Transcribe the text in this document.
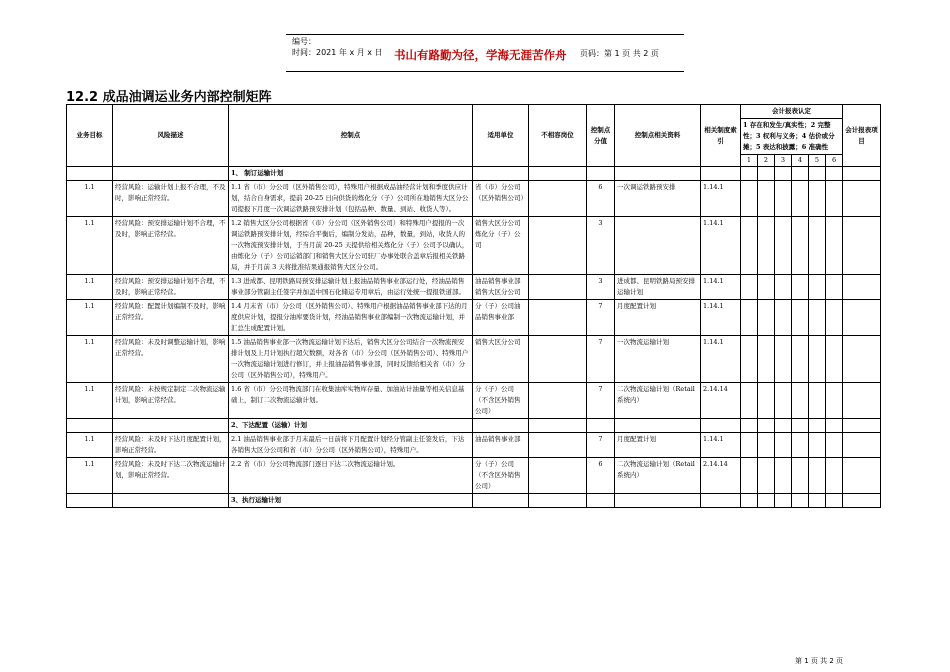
编号：
时间：2021 年 x 月 x 日 书山有路勤为径，学海无涯苦作舟 页码：第 1 页 共 2 页
12.2 成品油调运业务内部控制矩阵
业务目标	风险描述	控制点	适用单位	不相容岗位	控制点分值	控制点相关资料	相关制度索引	会计报表认定						会计报表项目
								1 存在和发生/真实性；2 完整性；3 权利与义务；4 估价或分摊；5 表达和披露；6 准确性						
								1	2	3	4	5	6	
		1、 制订运输计划												
1.1	经营风险：运输计划上报不合理，不及时，影响正常经营。	1.1 省（市）分公司（区外销售公司），特殊用户根据成品油经营计划和季度供应计划，结合自身需求，提前 20-25 日向供货的炼化分（子）公司所在地销售大区分公司提报下月度一次调运铁路预安排计划（包括品种、数量、到站、收货人等）。	省（市）分公司（区外销售公司）		6	一次调运铁路预安排	1.14.1							
1.1	经营风险：预安排运输计划不合理，不及时，影响正常经营。	1.2 销售大区分公司根据省（市）分公司（区外销售公司）和特殊用户提报的一次调运铁路预安排计划，经综合平衡后，编制分发站，品种，数量，到站，收货人的一次物流预安排计划，于当月前 20-25 天提供给相关炼化分（子）公司予以确认，由炼化分（子）公司运销部门和销售大区分公司驻厂办事处联合盖章后报相关铁路局，并于月前 3 天将批准结果通报销售大区分公司。	销售大区分公司炼化分（子）公司		3		1.14.1							
1.1	经营风险：预安排运输计划不合理，不及时，影响正常经营。	1.3 进成都、昆明铁路局预安排运输计划上报油品销售事业部运行处，经油品销售事业部分管副主任签字并加盖中国石化储运专用章后，由运行处统一提报铁道部。	油品销售事业部销售大区分公司		3	进成都、昆明铁路局预安排运输计划	1.14.1							
1.1	经营风险：配置计划编制不及时，影响正常经营。	1.4 月末省（市）分公司（区外销售公司）、特殊用户根据油品销售事业部下达的月度供应计划，提报分油库要货计划，经油品销售事业部编制一次物流运输计划，并汇总生成配置计划。	分（子）公司油品销售事业部		7	月度配置计划	1.14.1							
1.1	经营风险：未及时调整运输计划，影响正常经营。	1.5 油品销售事业部一次物流运输计划下达后，销售大区分公司结合一次物流预安排计划及上月计划执行超欠数额，对各省（市）分公司（区外销售公司）、特殊用户一次物流运输计划进行修订，并上报油品销售事业部，同时反馈给相关省（市）分公司（区外销售公司），特殊用户。	销售大区分公司		7	一次物流运输计划	1.14.1							
1.1	经营风险：未按规定制定二次物流运输计划，影响正常经营。	1.6 省（市）分公司物流部门在收集油库实物库存量、加油站计油量等相关信息基础上，制订二次物流运输计划。	分（子）公司（不含区外销售公司）		7	二次物流运输计划（Retail 系统内）	2.14.14							
		2、下达配置（运输）计划												
1.1	经营风险：未及时下达月度配置计划，影响正常经营。	2.1 油品销售事业部于月末最后一日前将下月配置计划经分管副主任签发后，下达各销售大区分公司和省（市）分公司（区外销售公司），特殊用户。	油品销售事业部		7	月度配置计划	1.14.1							
1.1	经营风险：未及时下达二次物流运输计划，影响正常经营。	2.2 省（市）分公司物流部门逐日下达二次物流运输计划。	分（子）公司（不含区外销售公司）		6	二次物流运输计划（Retail 系统内）	2.14.14							
		3、执行运输计划												
第 1 页 共 2 页
